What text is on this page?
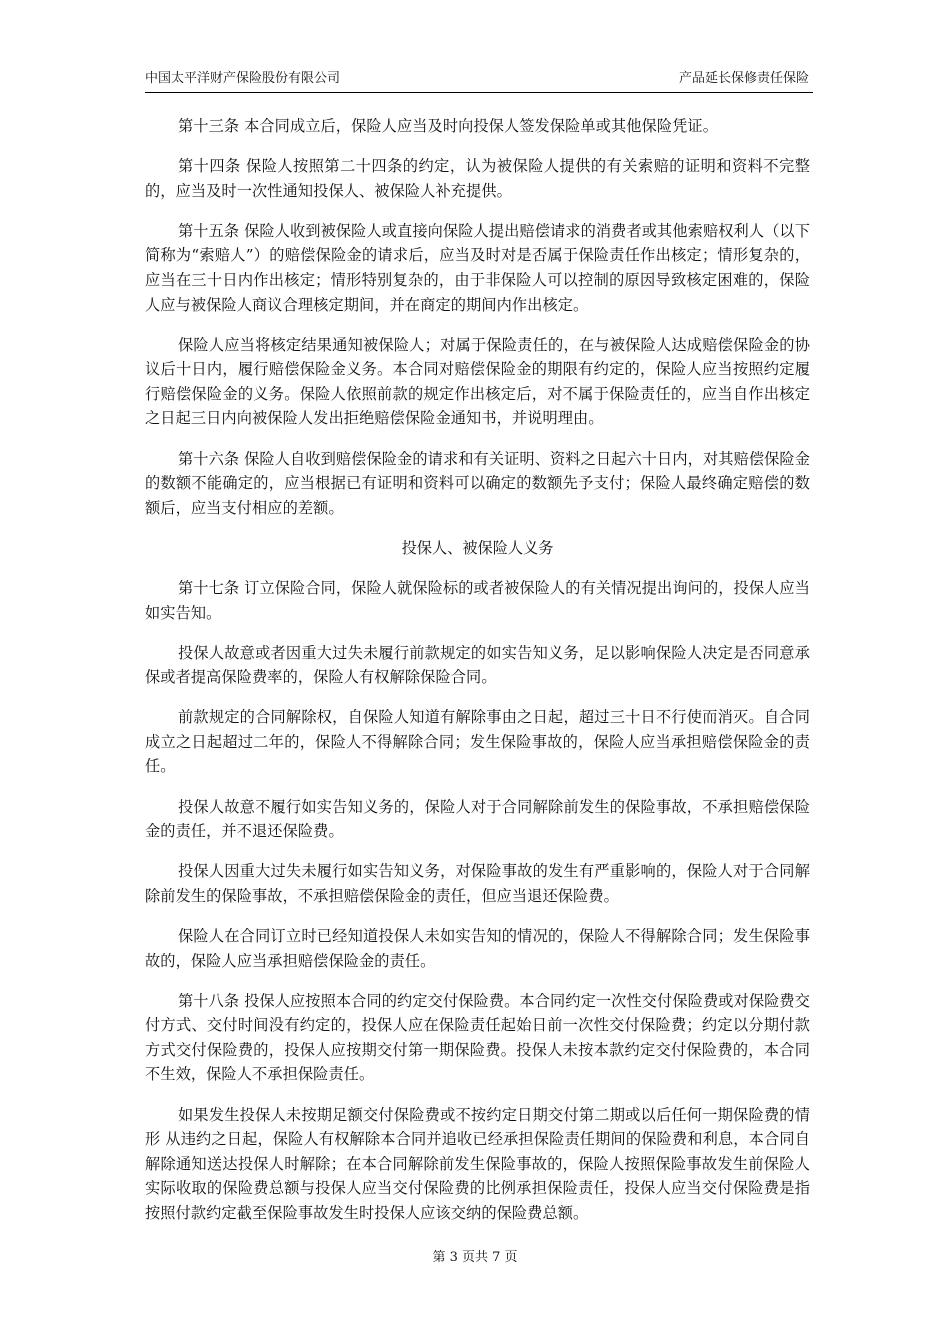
中国太平洋财产保险股份有限公司	产品延长保修责任保险

第十三条 本合同成立后，保险人应当及时向投保人签发保险单或其他保险凭证。

第十四条 保险人按照第二十四条的约定，认为被保险人提供的有关索赔的证明和资料不完整的，应当及时一次性通知投保人、被保险人补充提供。

第十五条 保险人收到被保险人或直接向保险人提出赔偿请求的消费者或其他索赔权利人（以下简称为“索赔人”）的赔偿保险金的请求后，应当及时对是否属于保险责任作出核定；情形复杂的，应当在三十日内作出核定；情形特别复杂的，由于非保险人可以控制的原因导致核定困难的，保险人应与被保险人商议合理核定期间，并在商定的期间内作出核定。

保险人应当将核定结果通知被保险人；对属于保险责任的，在与被保险人达成赔偿保险金的协议后十日内，履行赔偿保险金义务。本合同对赔偿保险金的期限有约定的，保险人应当按照约定履行赔偿保险金的义务。保险人依照前款的规定作出核定后，对不属于保险责任的，应当自作出核定之日起三日内向被保险人发出拒绝赔偿保险金通知书，并说明理由。

第十六条 保险人自收到赔偿保险金的请求和有关证明、资料之日起六十日内，对其赔偿保险金的数额不能确定的，应当根据已有证明和资料可以确定的数额先予支付；保险人最终确定赔偿的数额后，应当支付相应的差额。

投保人、被保险人义务

第十七条 订立保险合同，保险人就保险标的或者被保险人的有关情况提出询问的，投保人应当如实告知。

投保人故意或者因重大过失未履行前款规定的如实告知义务，足以影响保险人决定是否同意承保或者提高保险费率的，保险人有权解除保险合同。

前款规定的合同解除权，自保险人知道有解除事由之日起，超过三十日不行使而消灭。自合同成立之日起超过二年的，保险人不得解除合同；发生保险事故的，保险人应当承担赔偿保险金的责任。

投保人故意不履行如实告知义务的，保险人对于合同解除前发生的保险事故，不承担赔偿保险金的责任，并不退还保险费。

投保人因重大过失未履行如实告知义务，对保险事故的发生有严重影响的，保险人对于合同解除前发生的保险事故，不承担赔偿保险金的责任，但应当退还保险费。

保险人在合同订立时已经知道投保人未如实告知的情况的，保险人不得解除合同；发生保险事故的，保险人应当承担赔偿保险金的责任。

第十八条 投保人应按照本合同的约定交付保险费。本合同约定一次性交付保险费或对保险费交付方式、交付时间没有约定的，投保人应在保险责任起始日前一次性交付保险费；约定以分期付款方式交付保险费的，投保人应按期交付第一期保险费。投保人未按本款约定交付保险费的，本合同不生效，保险人不承担保险责任。

如果发生投保人未按期足额交付保险费或不按约定日期交付第二期或以后任何一期保险费的情形 从违约之日起，保险人有权解除本合同并追收已经承担保险责任期间的保险费和利息，本合同自解除通知送达投保人时解除；在本合同解除前发生保险事故的，保险人按照保险事故发生前保险人实际收取的保险费总额与投保人应当交付保险费的比例承担保险责任，投保人应当交付保险费是指按照付款约定截至保险事故发生时投保人应该交纳的保险费总额。

第 3 页共 7 页
